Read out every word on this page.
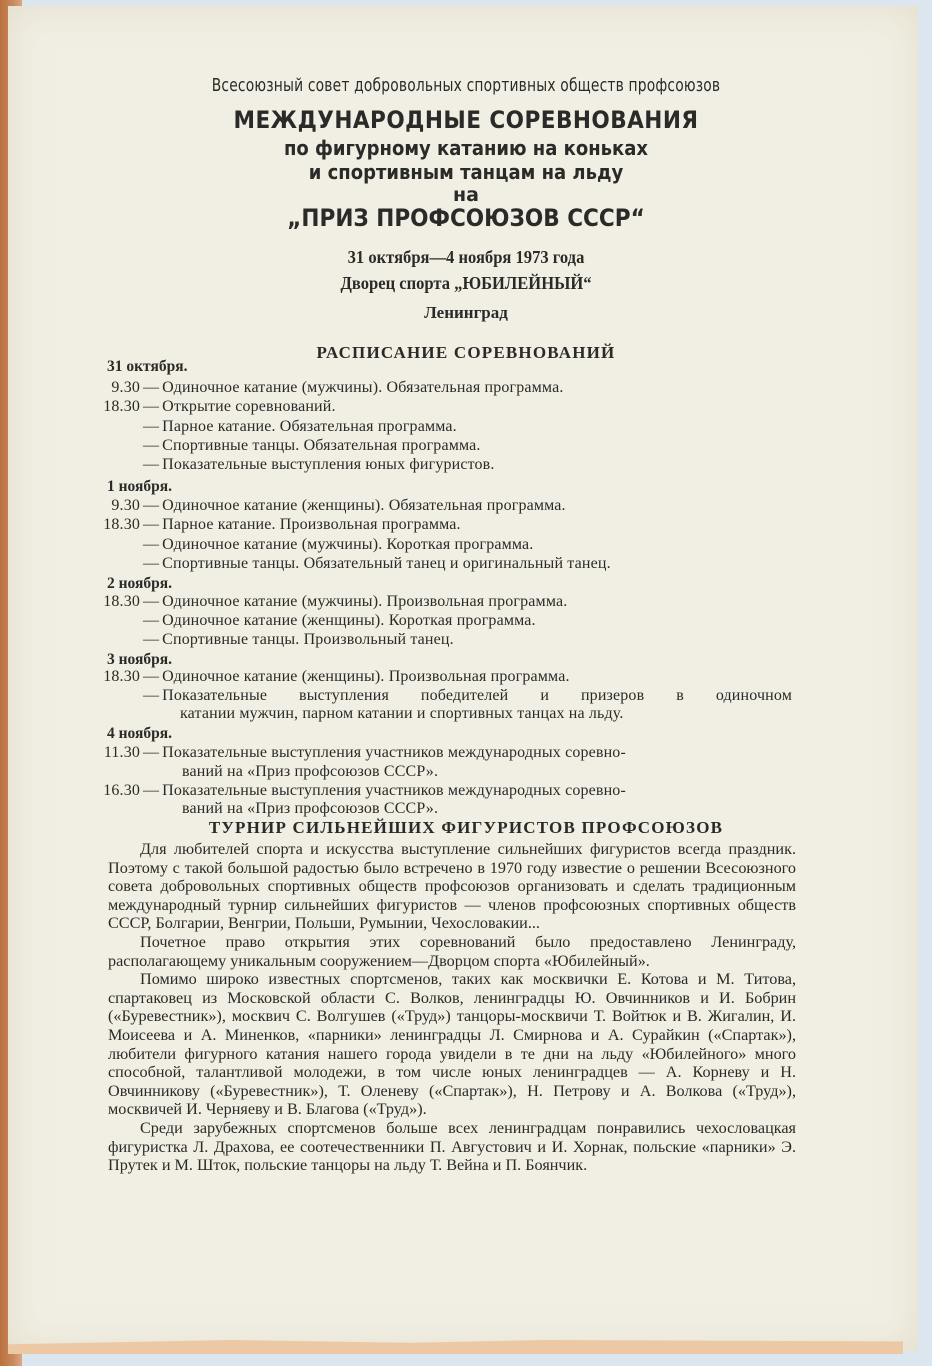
Всесоюзный совет добровольных спортивных обществ профсоюзов
МЕЖДУНАРОДНЫЕ СОРЕВНОВАНИЯ
по фигурному катанию на коньках
и спортивным танцам на льду
на
„ПРИЗ ПРОФСОЮЗОВ СССР“
31 октября—4 ноября 1973 года
Дворец спорта „ЮБИЛЕЙНЫЙ“
Ленинград
РАСПИСАНИЕ СОРЕВНОВАНИЙ
31 октября.
9.30 — Одиночное катание (мужчины). Обязательная программа.
18.30 — Открытие соревнований.
— Парное катание. Обязательная программа.
— Спортивные танцы. Обязательная программа.
— Показательные выступления юных фигуристов.
1 ноября.
9.30 — Одиночное катание (женщины). Обязательная программа.
18.30 — Парное катание. Произвольная программа.
— Одиночное катание (мужчины). Короткая программа.
— Спортивные танцы. Обязательный танец и оригинальный танец.
2 ноября.
18.30 — Одиночное катание (мужчины). Произвольная программа.
— Одиночное катание (женщины). Короткая программа.
— Спортивные танцы. Произвольный танец.
3 ноября.
18.30 — Одиночное катание (женщины). Произвольная программа.
— Показательные выступления победителей и призеров в одиночном
катании мужчин, парном катании и спортивных танцах на льду.
4 ноября.
11.30 — Показательные выступления участников международных соревно-
ваний на «Приз профсоюзов СССР».
16.30 — Показательные выступления участников международных соревно-
ваний на «Приз профсоюзов СССР».
ТУРНИР СИЛЬНЕЙШИХ ФИГУРИСТОВ ПРОФСОЮЗОВ

Для любителей спорта и искусства выступление сильнейших фигуристов всегда праздник. Поэтому с такой большой радостью было встречено в 1970 году известие о решении Всесоюзного совета добровольных спортивных обществ профсоюзов организовать и сделать традиционным международный турнир сильнейших фигуристов — членов профсоюзных спортивных обществ СССР, Болгарии, Венгрии, Польши, Румынии, Чехословакии...

Почетное право открытия этих соревнований было предоставлено Ленинграду, располагающему уникальным сооружением—Дворцом спорта «Юбилейный».

Помимо широко известных спортсменов, таких как москвички Е. Котова и М. Титова, спартаковец из Московской области С. Волков, ленинградцы Ю. Овчинников и И. Бобрин («Буревестник»), москвич С. Волгушев («Труд») танцоры-москвичи Т. Войтюк и В. Жигалин, И. Моисеева и А. Миненков, «парники» ленинградцы Л. Смирнова и А. Сурайкин («Спартак»), любители фигурного катания нашего города увидели в те дни на льду «Юбилейного» много способной, талантливой молодежи, в том числе юных ленинградцев — А. Корневу и Н. Овчинникову («Буревестник»), Т. Оленеву («Спартак»), Н. Петрову и А. Волкова («Труд»), москвичей И. Черняеву и В. Благова («Труд»).

Среди зарубежных спортсменов больше всех ленинградцам понравились чехословацкая фигуристка Л. Драхова, ее соотечественники П. Августович и И. Хорнак, польские «парники» Э. Прутек и М. Шток, польские танцоры на льду Т. Вейна и П. Боянчик.
